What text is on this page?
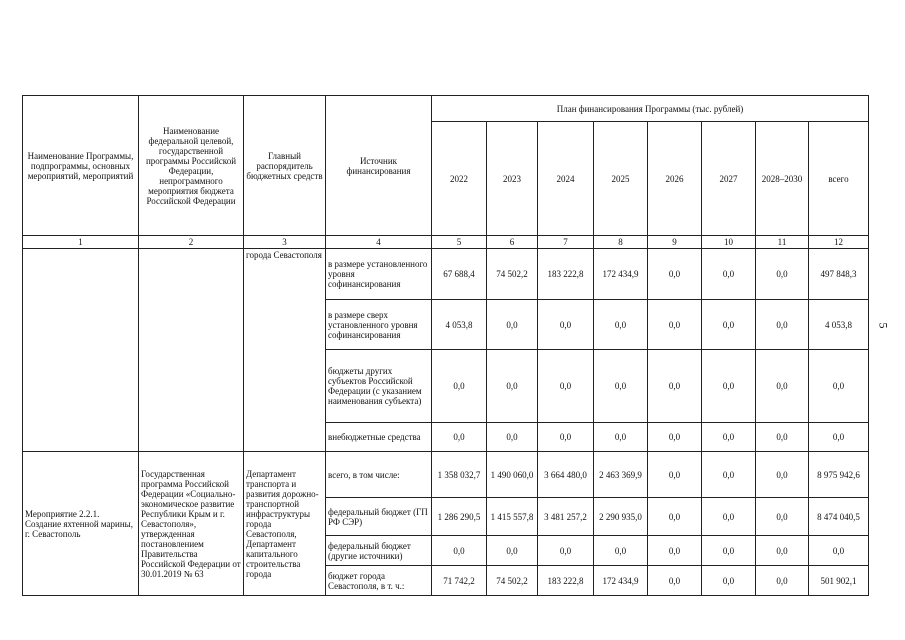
Наименование Программы, подпрограммы, основных мероприятий, мероприятий	Наименование федеральной целевой, государственной программы Российской Федерации, непрограммного мероприятия бюджета Российской Федерации	Главный распорядитель бюджетных средств	Источник финансирования	План финансирования Программы (тыс. рублей)							
				2022	2023	2024	2025	2026	2027	2028–2030	всего
1	2	3	4	5	6	7	8	9	10	11	12
		города Севастополя	в размере установленного уровня софинансирования	67 688,4	74 502,2	183 222,8	172 434,9	0,0	0,0	0,0	497 848,3
			в размере сверх установленного уровня софинансирования	4 053,8	0,0	0,0	0,0	0,0	0,0	0,0	4 053,8
			бюджеты других субъектов Российской Федерации (с указанием наименования субъекта)	0,0	0,0	0,0	0,0	0,0	0,0	0,0	0,0
			внебюджетные средства	0,0	0,0	0,0	0,0	0,0	0,0	0,0	0,0
Мероприятие 2.2.1. Создание яхтенной марины, г. Севастополь	Государственная программа Российской Федерации «Социально-экономическое развитие Республики Крым и г. Севастополя», утвержденная постановлением Правительства Российской Федерации от 30.01.2019 № 63	Департамент транспорта и развития дорожно-транспортной инфраструктуры города Севастополя, Департамент капитального строительства города	всего, в том числе:	1 358 032,7	1 490 060,0	3 664 480,0	2 463 369,9	0,0	0,0	0,0	8 975 942,6
			федеральный бюджет (ГП РФ СЭР)	1 286 290,5	1 415 557,8	3 481 257,2	2 290 935,0	0,0	0,0	0,0	8 474 040,5
			федеральный бюджет (другие источники)	0,0	0,0	0,0	0,0	0,0	0,0	0,0	0,0
			бюджет города Севастополя, в т. ч.:	71 742,2	74 502,2	183 222,8	172 434,9	0,0	0,0	0,0	501 902,1
5
